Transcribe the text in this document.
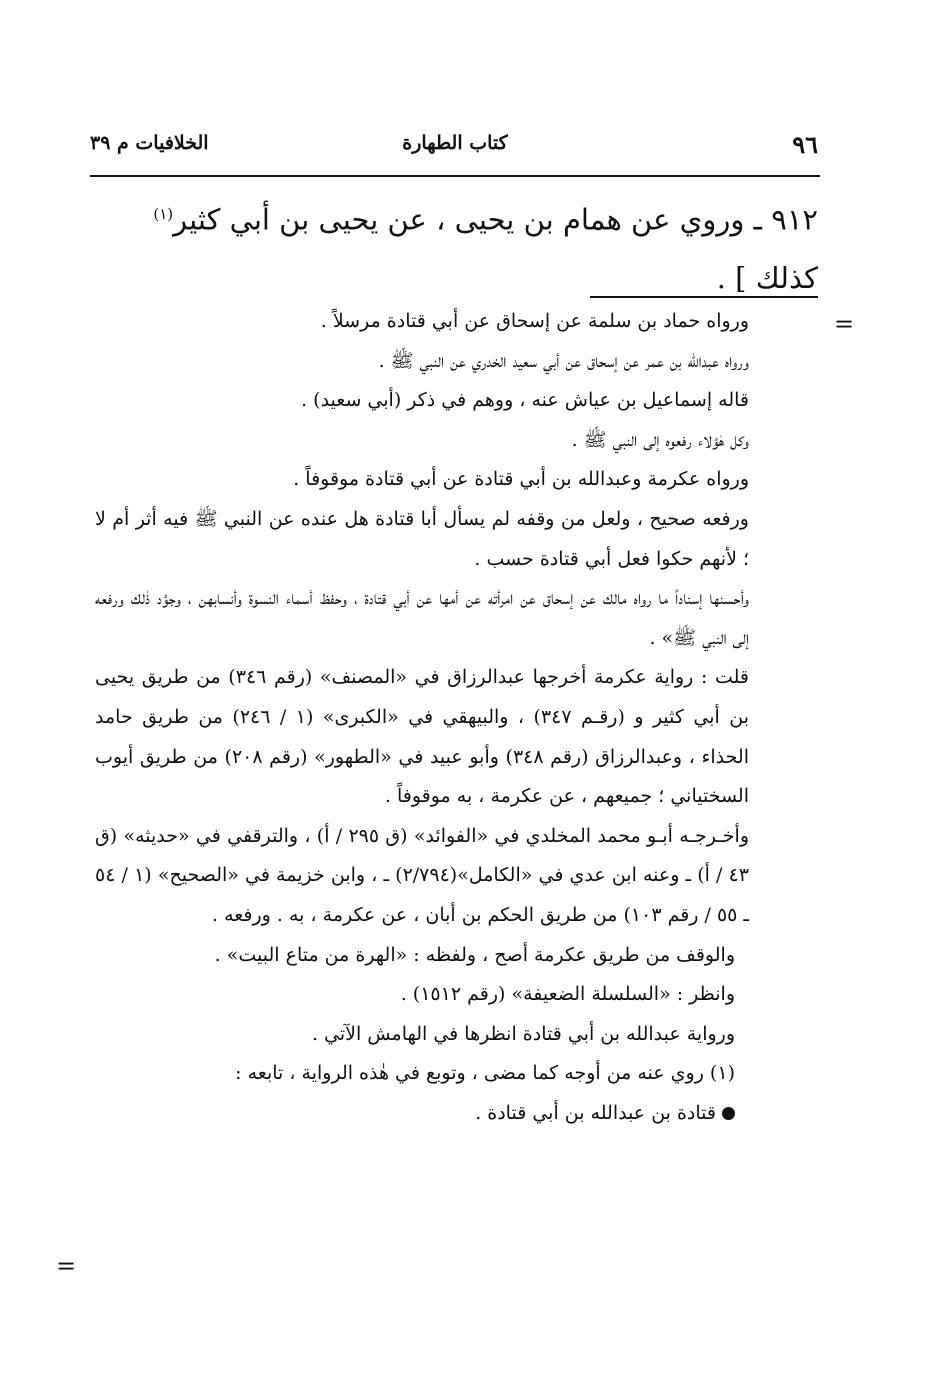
٩٦
كتاب الطهارة
الخلافيات م ٣٩
٩١٢ ـ وروي عن همام بن يحيى ، عن يحيى بن أبي كثير$^{(١)}$
كذلك ] .
=
=

ورواه حماد بن سلمة عن إسحاق عن أبي قتادة مرسلاً .

ورواه عبدالله بن عمر عن إسحاق عن أبي سعيد الخدري عن النبي ﷺ .

قاله إسماعيل بن عياش عنه ، ووهم في ذكر (أبي سعيد) .

وكل هٰؤلاء رفعوه إلى النبي ﷺ .

ورواه عكرمة وعبدالله بن أبي قتادة عن أبي قتادة موقوفاً .

ورفعه صحيح ، ولعل من وقفه لم يسأل أبا قتادة هل عنده عن النبي ﷺ فيه أثر أم لا ؛ لأنهم حكوا فعل أبي قتادة حسب .

وأحسنها إسناداً ما رواه مالك عن إسحاق عن امرأته عن أمها عن أبي قتادة ، وحفظ أسماء النسوة وأنسابهن ، وجوَّد ذٰلك ورفعه إلى النبي ﷺ» .

قلت : رواية عكرمة أخرجها عبدالرزاق في «المصنف» (رقم ٣٤٦) من طريق يحيى بن أبي كثير و (رقـم ٣٤٧) ، والبيهقي في «الكبرى» (١ / ٢٤٦) من طريق حامد الحذاء ، وعبدالرزاق (رقم ٣٤٨) وأبو عبيد في «الطهور» (رقم ٢٠٨) من طريق أيوب السختياني ؛ جميعهم ، عن عكرمة ، به موقوفاً .

وأخـرجـه أبـو محمد المخلدي في «الفوائد» (ق ٢٩٥ / أ) ، والترقفي في «حديثه» (ق ٤٣ / أ) ـ وعنه ابن عدي في «الكامل»(٢/٧٩٤) ـ ، وابن خزيمة في «الصحيح» (١ / ٥٤ ـ ٥٥ / رقم ١٠٣) من طريق الحكم بن أبان ، عن عكرمة ، به . ورفعه .

والوقف من طريق عكرمة أصح ، ولفظه : «الهرة من متاع البيت» .

وانظر : «السلسلة الضعيفة» (رقم ١٥١٢) .

ورواية عبدالله بن أبي قتادة انظرها في الهامش الآتي .

(١) روي عنه من أوجه كما مضى ، وتوبع في هٰذه الرواية ، تابعه :

قتادة بن عبدالله بن أبي قتادة .
